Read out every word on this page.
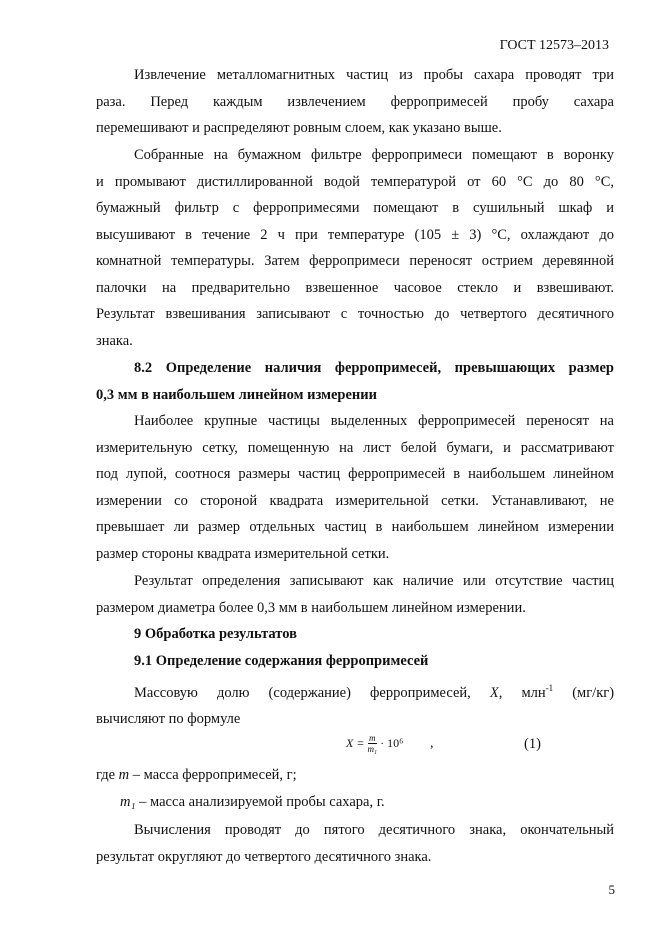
ГОСТ 12573–2013
Извлечение металломагнитных частиц из пробы сахара проводят три
раза. Перед каждым извлечением ферропримесей пробу сахара
перемешивают и распределяют ровным слоем, как указано выше.
Собранные на бумажном фильтре ферропримеси помещают в воронку
и промывают дистиллированной водой температурой от 60 °С до 80 °С,
бумажный фильтр с ферропримесями помещают в сушильный шкаф и
высушивают в течение 2 ч при температуре (105 ± 3) °С, охлаждают до
комнатной температуры. Затем ферропримеси переносят острием деревянной
палочки на предварительно взвешенное часовое стекло и взвешивают.
Результат взвешивания записывают с точностью до четвертого десятичного
знака.
8.2 Определение наличия ферропримесей, превышающих размер
0,3 мм в наибольшем линейном измерении
Наиболее крупные частицы выделенных ферропримесей переносят на
измерительную сетку, помещенную на лист белой бумаги, и рассматривают
под лупой, соотнося размеры частиц ферропримесей в наибольшем линейном
измерении со стороной квадрата измерительной сетки. Устанавливают, не
превышает ли размер отдельных частиц в наибольшем линейном измерении
размер стороны квадрата измерительной сетки.
Результат определения записывают как наличие или отсутствие частиц
размером диаметра более 0,3 мм в наибольшем линейном измерении.
9 Обработка результатов
9.1 Определение содержания ферропримесей
Массовую долю (содержание) ферропримесей, X, млн$^{-1}$ (мг/кг)
вычисляют по формуле
$X = \frac{m}{\text{m₁}} \cdot 10^6$ ,	(1)
где m – масса ферропримесей, г;
m₁ – масса анализируемой пробы сахара, г.
Вычисления проводят до пятого десятичного знака, окончательный
результат округляют до четвертого десятичного знака.
5
